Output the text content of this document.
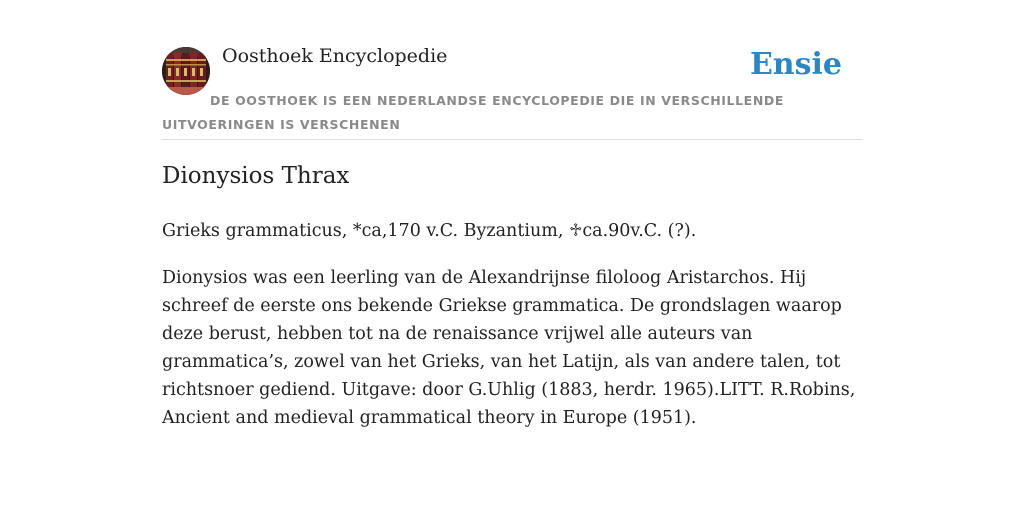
Oosthoek Encyclopedie	Ensie
DE OOSTHOEK IS EEN NEDERLANDSE ENCYCLOPEDIE DIE IN VERSCHILLENDE UITVOERINGEN IS VERSCHENEN
Dionysios Thrax

Grieks grammaticus, *ca,170 v.C. Byzantium, ♱ca.90v.C. (?).

Dionysios was een leerling van de Alexandrijnse filoloog Aristarchos. Hij schreef de eerste ons bekende Griekse grammatica. De grondslagen waarop deze berust, hebben tot na de renaissance vrijwel alle auteurs van grammatica’s, zowel van het Grieks, van het Latijn, als van andere talen, tot richtsnoer gediend. Uitgave: door G.Uhlig (1883, herdr. 1965).LITT. R.Robins, Ancient and medieval grammatical theory in Europe (1951).
